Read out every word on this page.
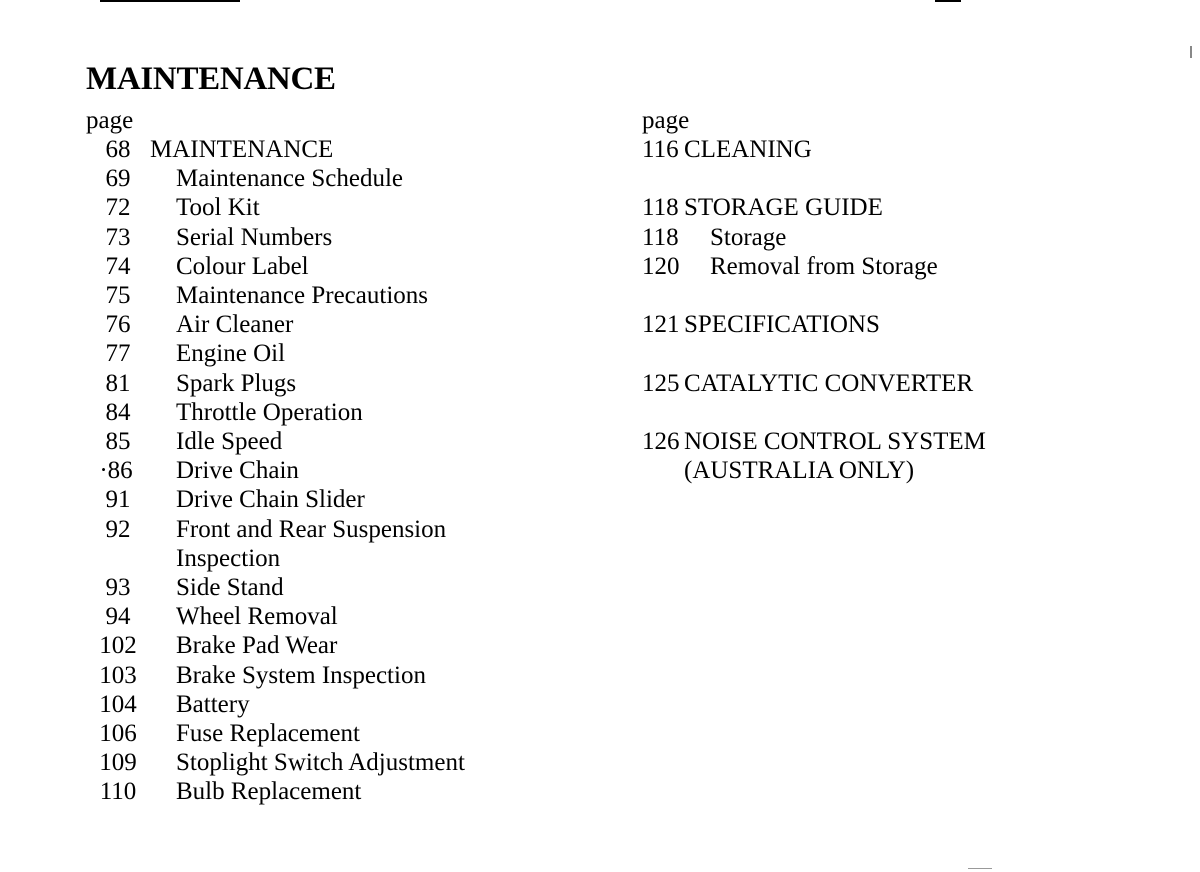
MAINTENANCE
page
68 MAINTENANCE
69	Maintenance Schedule
72	Tool Kit
73	Serial Numbers
74	Colour Label
75	Maintenance Precautions
76	Air Cleaner
77	Engine Oil
81	Spark Plugs
84	Throttle Operation
85	Idle Speed
·86	Drive Chain
91	Drive Chain Slider
92	Front and Rear Suspension
Inspection
93	Side Stand
94	Wheel Removal
102	Brake Pad Wear
103	Brake System Inspection
104	Battery
106	Fuse Replacement
109	Stoplight Switch Adjustment
110	Bulb Replacement
page
116 CLEANING
118 STORAGE GUIDE
118	Storage
120	Removal from Storage
121 SPECIFICATIONS
125 CATALYTIC CONVERTER
126 NOISE CONTROL SYSTEM
(AUSTRALIA ONLY)
